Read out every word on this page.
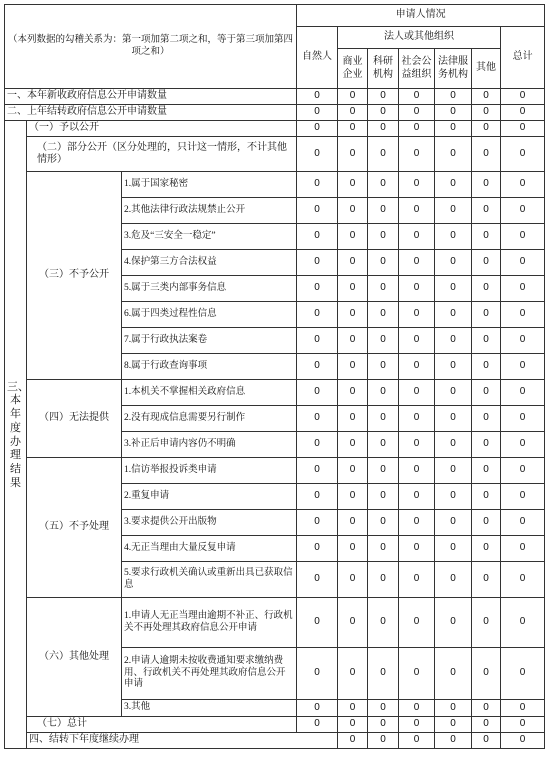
（本列数据的勾稽关系为：第一项加第二项之和，等于第三项加第四项之和）			申请人情况							
			自然人	法人或其他组织					总计	
				商业企业	科研机构	社会公益组织	法律服务机构	其他		

一、本年新收政府信息公开申请数量			0	0	0	0	0	0	0	
二、上年结转政府信息公开申请数量			0	0	0	0	0	0	0	
三、本年度办理结果	（一）予以公开		0	0	0	0	0	0	0	
	（二）部分公开（区分处理的，只计这一情形，不计其他情形）		0	0	0	0	0	0	0	
	（三）不予公开	1.属于国家秘密	0	0	0	0	0	0	0	
		2.其他法律行政法规禁止公开	0	0	0	0	0	0	0	
		3.危及“三安全一稳定”	0	0	0	0	0	0	0	
		4.保护第三方合法权益	0	0	0	0	0	0	0	
		5.属于三类内部事务信息	0	0	0	0	0	0	0	
		6.属于四类过程性信息	0	0	0	0	0	0	0	
		7.属于行政执法案卷	0	0	0	0	0	0	0	
		8.属于行政查询事项	0	0	0	0	0	0	0	
	（四）无法提供	1.本机关不掌握相关政府信息	0	0	0	0	0	0	0	
		2.没有现成信息需要另行制作	0	0	0	0	0	0	0	
		3.补正后申请内容仍不明确	0	0	0	0	0	0	0	
	（五）不予处理	1.信访举报投诉类申请	0	0	0	0	0	0	0	
		2.重复申请	0	0	0	0	0	0	0	
		3.要求提供公开出版物	0	0	0	0	0	0	0	
		4.无正当理由大量反复申请	0	0	0	0	0	0	0	
		5.要求行政机关确认或重新出具已获取信息	0	0	0	0	0	0	0	
	（六）其他处理	1.申请人无正当理由逾期不补正、行政机关不再处理其政府信息公开申请	0	0	0	0	0	0	0	
		2.申请人逾期未按收费通知要求缴纳费用、行政机关不再处理其政府信息公开申请	0	0	0	0	0	0	0	
		3.其他	0	0	0	0	0	0	0	
	（七）总计		0	0	0	0	0	0	0	
	四、结转下年度继续办理			0	0	0	0	0	0	
